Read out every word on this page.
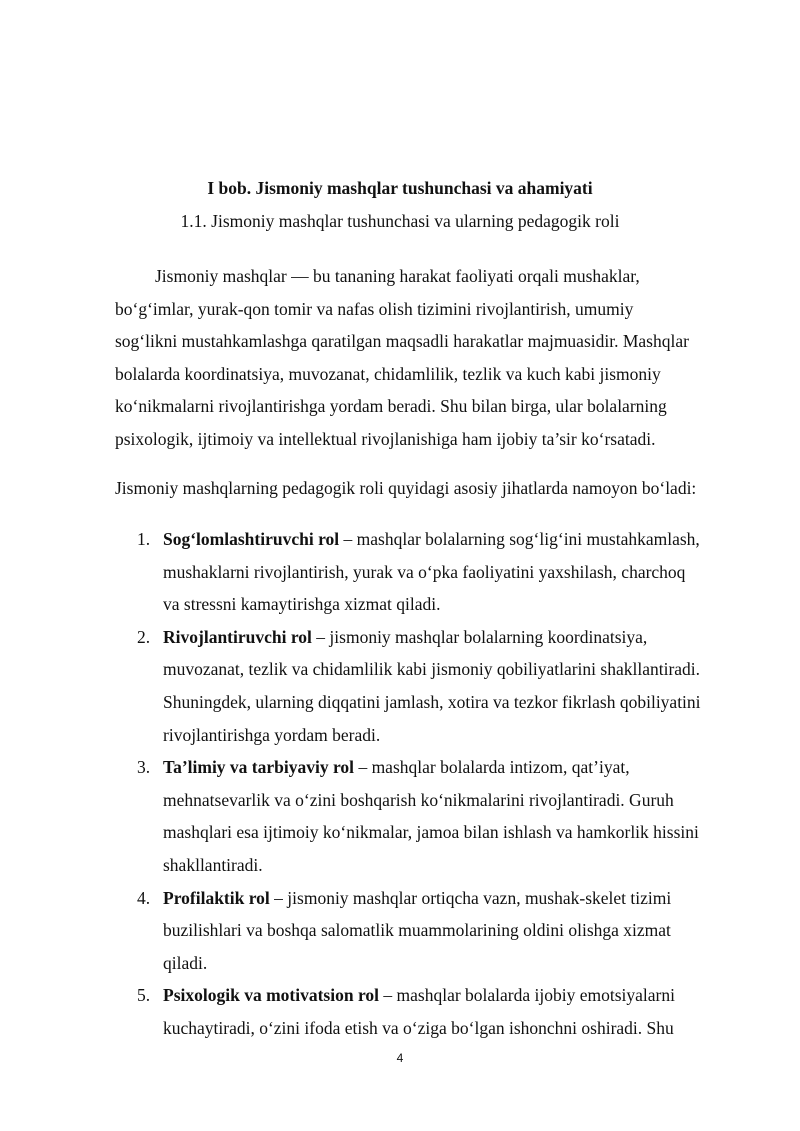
I bob. Jismoniy mashqlar tushunchasi va ahamiyati
1.1. Jismoniy mashqlar tushunchasi va ularning pedagogik roli

Jismoniy mashqlar — bu tananing harakat faoliyati orqali mushaklar,
bo‘g‘imlar, yurak-qon tomir va nafas olish tizimini rivojlantirish, umumiy
sog‘likni mustahkamlashga qaratilgan maqsadli harakatlar majmuasidir. Mashqlar
bolalarda koordinatsiya, muvozanat, chidamlilik, tezlik va kuch kabi jismoniy
ko‘nikmalarni rivojlantirishga yordam beradi. Shu bilan birga, ular bolalarning
psixologik, ijtimoiy va intellektual rivojlanishiga ham ijobiy ta’sir ko‘rsatadi.

Jismoniy mashqlarning pedagogik roli quyidagi asosiy jihatlarda namoyon bo‘ladi:

1. Sog‘lomlashtiruvchi rol – mashqlar bolalarning sog‘lig‘ini mustahkamlash,
mushaklarni rivojlantirish, yurak va o‘pka faoliyatini yaxshilash, charchoq
va stressni kamaytirishga xizmat qiladi.
2. Rivojlantiruvchi rol – jismoniy mashqlar bolalarning koordinatsiya,
muvozanat, tezlik va chidamlilik kabi jismoniy qobiliyatlarini shakllantiradi.
Shuningdek, ularning diqqatini jamlash, xotira va tezkor fikrlash qobiliyatini
rivojlantirishga yordam beradi.
3. Ta’limiy va tarbiyaviy rol – mashqlar bolalarda intizom, qat’iyat,
mehnatsevarlik va o‘zini boshqarish ko‘nikmalarini rivojlantiradi. Guruh
mashqlari esa ijtimoiy ko‘nikmalar, jamoa bilan ishlash va hamkorlik hissini
shakllantiradi.
4. Profilaktik rol – jismoniy mashqlar ortiqcha vazn, mushak-skelet tizimi
buzilishlari va boshqa salomatlik muammolarining oldini olishga xizmat
qiladi.
5. Psixologik va motivatsion rol – mashqlar bolalarda ijobiy emotsiyalarni
kuchaytiradi, o‘zini ifoda etish va o‘ziga bo‘lgan ishonchni oshiradi. Shu
4
